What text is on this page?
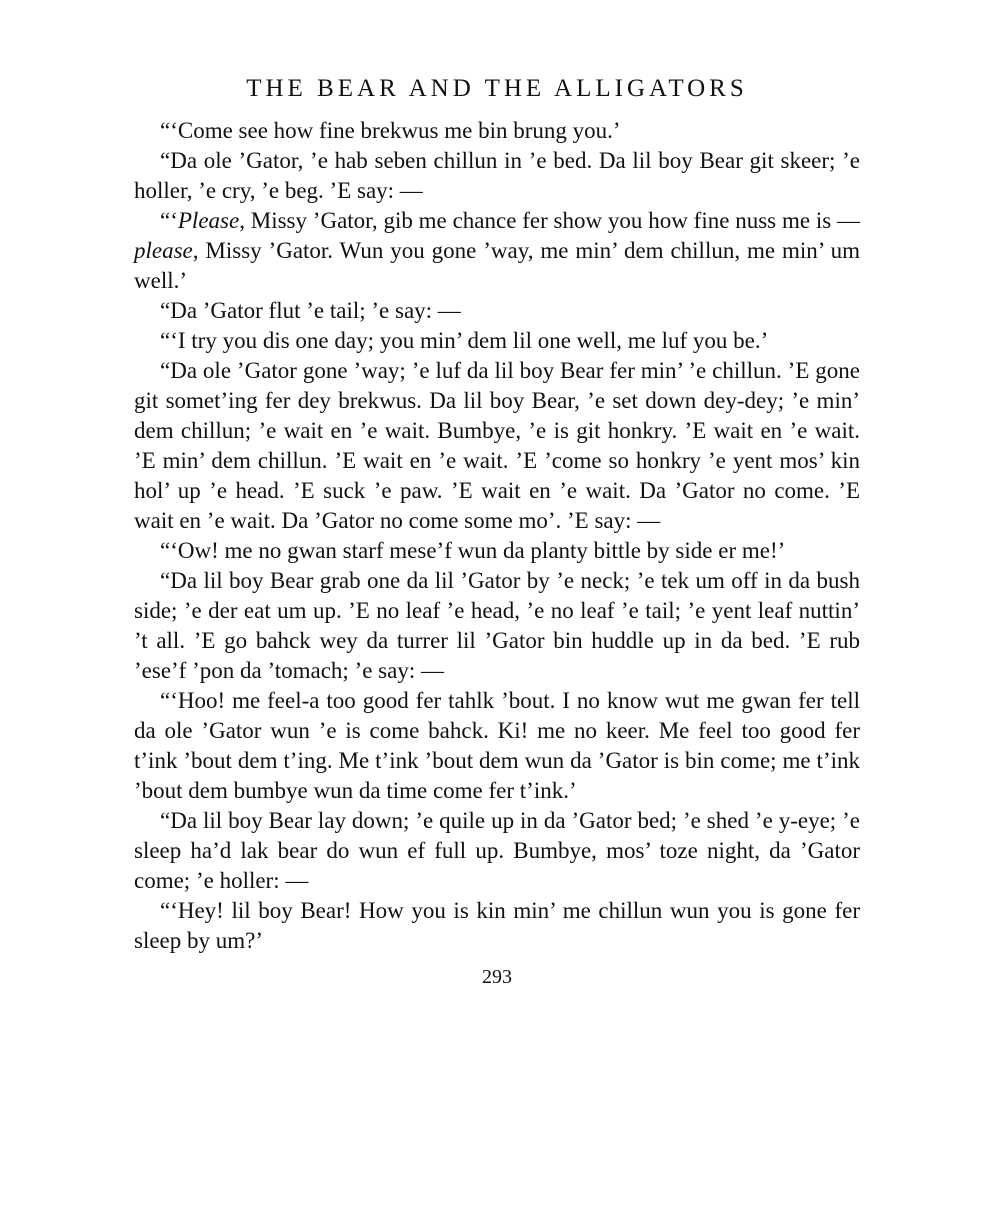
THE BEAR AND THE ALLIGATORS

“‘Come see how fine brekwus me bin brung you.’

“Da ole ’Gator, ’e hab seben chillun in ’e bed. Da lil boy Bear git skeer; ’e holler, ’e cry, ’e beg. ’E say: —

“‘Please, Missy ’Gator, gib me chance fer show you how fine nuss me is — please, Missy ’Gator. Wun you gone ’way, me min’ dem chillun, me min’ um well.’

“Da ’Gator flut ’e tail; ’e say: —

“‘I try you dis one day; you min’ dem lil one well, me luf you be.’

“Da ole ’Gator gone ’way; ’e luf da lil boy Bear fer min’ ’e chillun. ’E gone git somet’ing fer dey brekwus. Da lil boy Bear, ’e set down dey-dey; ’e min’ dem chillun; ’e wait en ’e wait. Bumbye, ’e is git honkry. ’E wait en ’e wait. ’E min’ dem chillun. ’E wait en ’e wait. ’E ’come so honkry ’e yent mos’ kin hol’ up ’e head. ’E suck ’e paw. ’E wait en ’e wait. Da ’Gator no come. ’E wait en ’e wait. Da ’Gator no come some mo’. ’E say: —

“‘Ow! me no gwan starf mese’f wun da planty bittle by side er me!’

“Da lil boy Bear grab one da lil ’Gator by ’e neck; ’e tek um off in da bush side; ’e der eat um up. ’E no leaf ’e head, ’e no leaf ’e tail; ’e yent leaf nuttin’ ’t all. ’E go bahck wey da turrer lil ’Gator bin huddle up in da bed. ’E rub ’ese’f ’pon da ’tomach; ’e say: —

“‘Hoo! me feel-a too good fer tahlk ’bout. I no know wut me gwan fer tell da ole ’Gator wun ’e is come bahck. Ki! me no keer. Me feel too good fer t’ink ’bout dem t’ing. Me t’ink ’bout dem wun da ’Gator is bin come; me t’ink ’bout dem bumbye wun da time come fer t’ink.’

“Da lil boy Bear lay down; ’e quile up in da ’Gator bed; ’e shed ’e y-eye; ’e sleep ha’d lak bear do wun ef full up. Bumbye, mos’ toze night, da ’Gator come; ’e holler: —

“‘Hey! lil boy Bear! How you is kin min’ me chillun wun you is gone fer sleep by um?’

293
